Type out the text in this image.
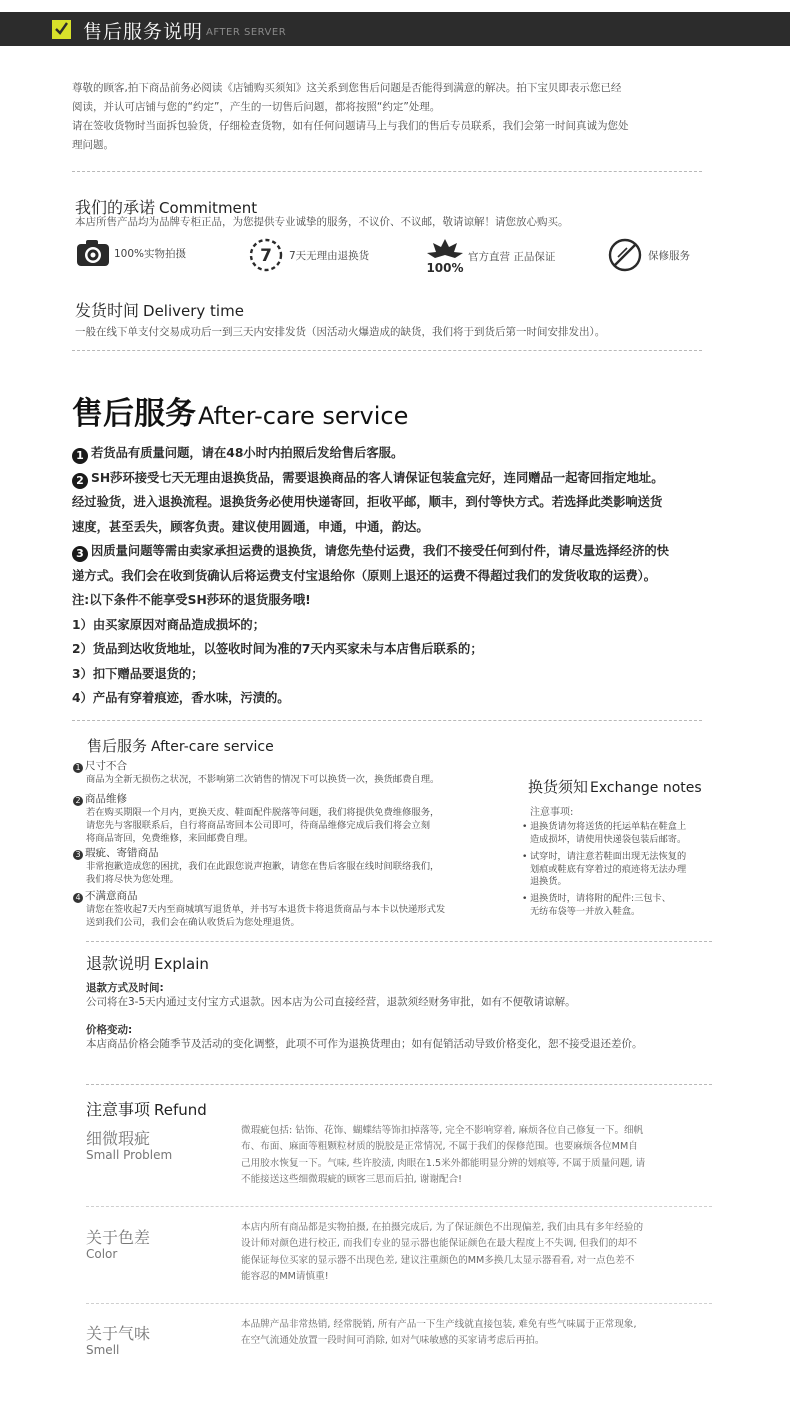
售后服务说明 AFTER SERVER
尊敬的顾客,拍下商品前务必阅读《店铺购买须知》这关系到您售后问题是否能得到满意的解决。拍下宝贝即表示您已经
阅读，并认可店铺与您的“约定”，产生的一切售后问题，都将按照“约定”处理。
请在签收货物时当面拆包验货，仔细检查货物，如有任何问题请马上与我们的售后专员联系，我们会第一时间真诚为您处
理问题。
我们的承诺 Commitment
本店所售产品均为品牌专柜正品，为您提供专业诚挚的服务，不议价、不议邮，敬请谅解！请您放心购买。
100%实物拍摄	7 7天无理由退换货
100%
官方直营 正品保证	保修服务
发货时间 Delivery time
一般在线下单支付交易成功后一到三天内安排发货（因活动火爆造成的缺货，我们将于到货后第一时间安排发出）。
售后服务After-care service
1 若货品有质量问题，请在48小时内拍照后发给售后客服。
2 SH莎环接受七天无理由退换货品，需要退换商品的客人请保证包装盒完好，连同赠品一起寄回指定地址。
经过验货，进入退换流程。退换货务必使用快递寄回，拒收平邮，顺丰，到付等快方式。若选择此类影响送货
速度，甚至丢失，顾客负责。建议使用圆通，申通，中通，韵达。
3 因质量问题等需由卖家承担运费的退换货，请您先垫付运费，我们不接受任何到付件，请尽量选择经济的快
递方式。我们会在收到货确认后将运费支付宝退给你（原则上退还的运费不得超过我们的发货收取的运费）。
注:以下条件不能享受SH莎环的退货服务哦!
1）由买家原因对商品造成损坏的；
2）货品到达收货地址，以签收时间为准的7天内买家未与本店售后联系的；
3）扣下赠品要退货的；
4）产品有穿着痕迹，香水味，污渍的。
售后服务 After-care service
1 尺寸不合
商品为全新无损伤之状况，不影响第二次销售的情况下可以换货一次，换货邮费自理。
2 商品维修
若在购买期限一个月内，更换天皮、鞋面配件脱落等问题，我们将提供免费维修服务，
请您先与客服联系后，自行将商品寄回本公司即可，待商品维修完成后我们将会立刻
将商品寄回，免费维修，来回邮费自理。
3 瑕疵、寄错商品
非常抱歉造成您的困扰，我们在此跟您说声抱歉，请您在售后客服在线时间联络我们，
我们将尽快为您处理。
4 不满意商品
请您在签收起7天内至商城填写退货单，并书写本退货卡将退货商品与本卡以快递形式发
送到我们公司，我们会在确认收货后为您处理退货。
换货须知 Exchange notes
注意事项:
• 退换货请勿将送货的托运单粘在鞋盒上
造成损坏，请使用快递袋包装后邮寄。
• 试穿时，请注意若鞋面出现无法恢复的
划痕或鞋底有穿着过的痕迹将无法办理
退换货。
• 退换货时，请将附的配件:三包卡、
无纺布袋等一并放入鞋盒。
退款说明 Explain
退款方式及时间:
公司将在3-5天内通过支付宝方式退款。因本店为公司直接经营，退款须经财务审批，如有不便敬请谅解。
价格变动:
本店商品价格会随季节及活动的变化调整，此项不可作为退换货理由；如有促销活动导致价格变化，恕不接受退还差价。
注意事项 Refund
细微瑕疵
Small Problem
微瑕疵包括: 钻饰、花饰、蝴蝶结等饰扣掉落等, 完全不影响穿着, 麻烦各位自己修复一下。细帆
布、布面、麻面等粗颗粒材质的脱胶是正常情况, 不属于我们的保修范围。也要麻烦各位MM自
己用胶水恢复一下。气味, 些许胶渍, 肉眼在1.5米外都能明显分辨的划痕等, 不属于质量问题, 请
不能接送这些细微瑕疵的顾客三思而后拍, 谢谢配合!
关于色差
Color
本店内所有商品都是实物拍摄, 在拍摄完成后, 为了保证颜色不出现偏差, 我们由具有多年经验的
设计师对颜色进行校正, 而我们专业的显示器也能保证颜色在最大程度上不失调, 但我们的却不
能保证每位买家的显示器不出现色差, 建议注重颜色的MM多换几太显示器看看, 对一点色差不
能容忍的MM请慎重!
关于气味
Smell
本品牌产品非常热销, 经常脱销, 所有产品一下生产线就直接包装, 难免有些气味属于正常现象,
在空气流通处放置一段时间可消除, 如对气味敏感的买家请考虑后再拍。
